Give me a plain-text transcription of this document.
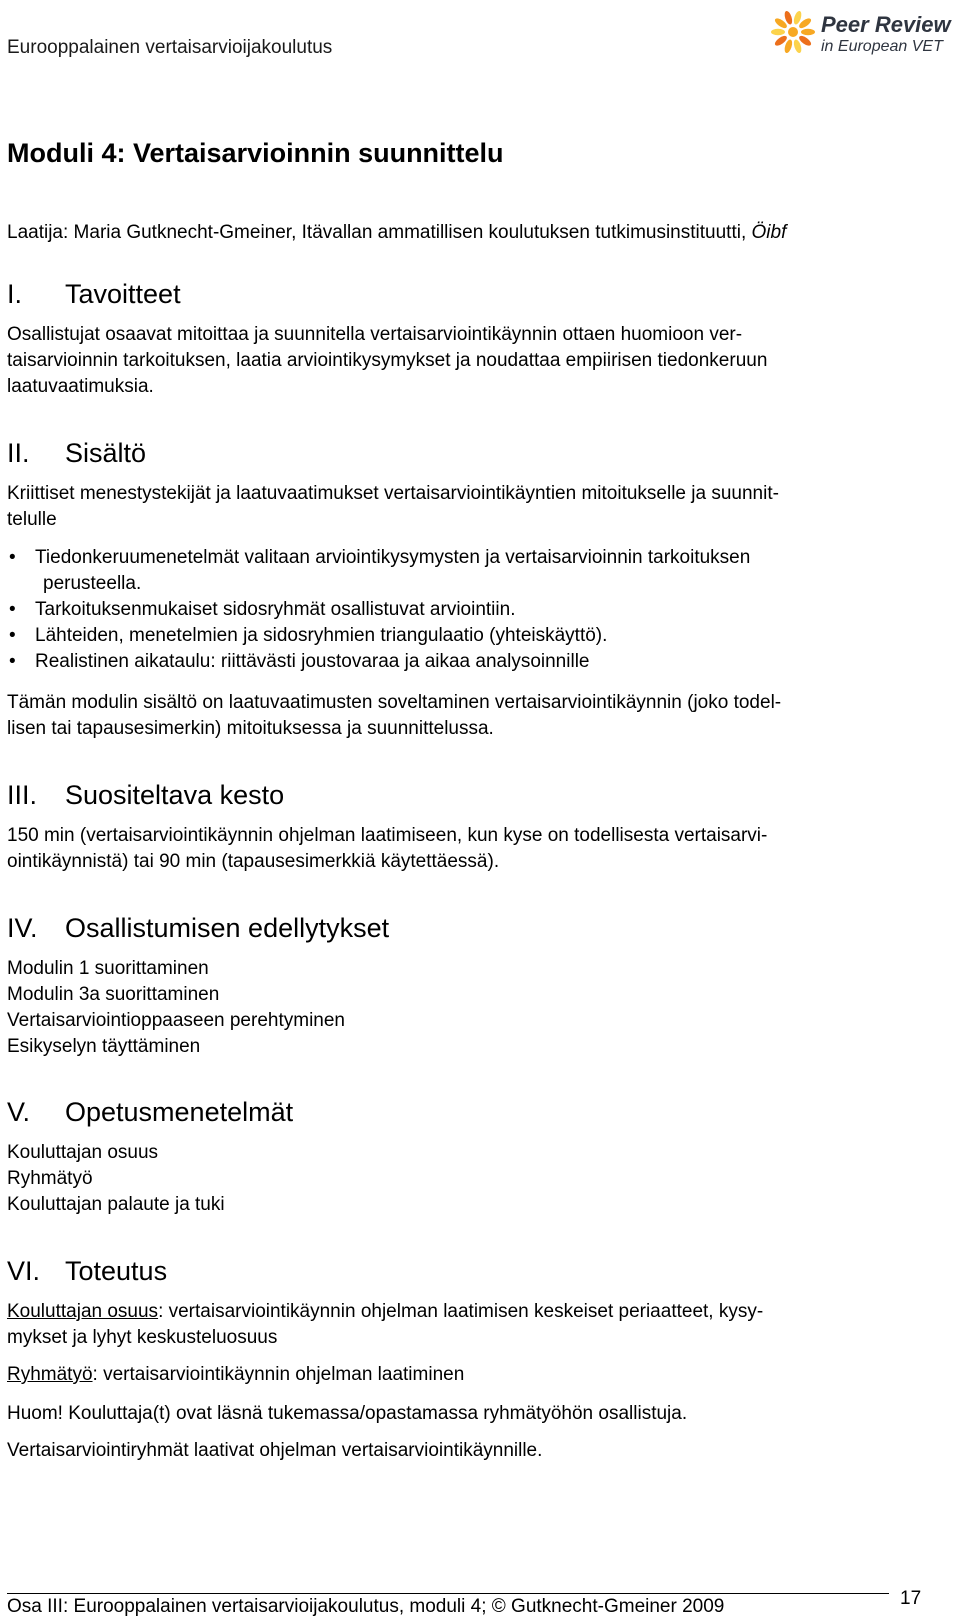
Eurooppalainen vertaisarvioijakoulutus
Peer Review
in European VET
Moduli 4: Vertaisarvioinnin suunnittelu
Laatija: Maria Gutknecht-Gmeiner, Itävallan ammatillisen koulutuksen tutkimusinstituutti, Öibf
I. Tavoitteet
Osallistujat osaavat mitoittaa ja suunnitella vertaisarviointikäynnin ottaen huomioon ver-
taisarvioinnin tarkoituksen, laatia arviointikysymykset ja noudattaa empiirisen tiedonkeruun
laatuvaatimuksia.
II. Sisältö
Kriittiset menestystekijät ja laatuvaatimukset vertaisarviointikäyntien mitoitukselle ja suunnit-
telulle
• Tiedonkeruumenetelmät valitaan arviointikysymysten ja vertaisarvioinnin tarkoituksen
perusteella.
• Tarkoituksenmukaiset sidosryhmät osallistuvat arviointiin.
• Lähteiden, menetelmien ja sidosryhmien triangulaatio (yhteiskäyttö).
• Realistinen aikataulu: riittävästi joustovaraa ja aikaa analysoinnille
Tämän modulin sisältö on laatuvaatimusten soveltaminen vertaisarviointikäynnin (joko todel-
lisen tai tapausesimerkin) mitoituksessa ja suunnittelussa.
III. Suositeltava kesto
150 min (vertaisarviointikäynnin ohjelman laatimiseen, kun kyse on todellisesta vertaisarvi-
ointikäynnistä) tai 90 min (tapausesimerkkiä käytettäessä).
IV. Osallistumisen edellytykset
Modulin 1 suorittaminen
Modulin 3a suorittaminen
Vertaisarviointioppaaseen perehtyminen
Esikyselyn täyttäminen
V. Opetusmenetelmät
Kouluttajan osuus
Ryhmätyö
Kouluttajan palaute ja tuki
VI. Toteutus
Kouluttajan osuus: vertaisarviointikäynnin ohjelman laatimisen keskeiset periaatteet, kysy-
mykset ja lyhyt keskusteluosuus
Ryhmätyö: vertaisarviointikäynnin ohjelman laatiminen
Huom! Kouluttaja(t) ovat läsnä tukemassa/opastamassa ryhmätyöhön osallistuja.
Vertaisarviointiryhmät laativat ohjelman vertaisarviointikäynnille.
Osa III: Eurooppalainen vertaisarvioijakoulutus, moduli 4; © Gutknecht-Gmeiner 2009	17
